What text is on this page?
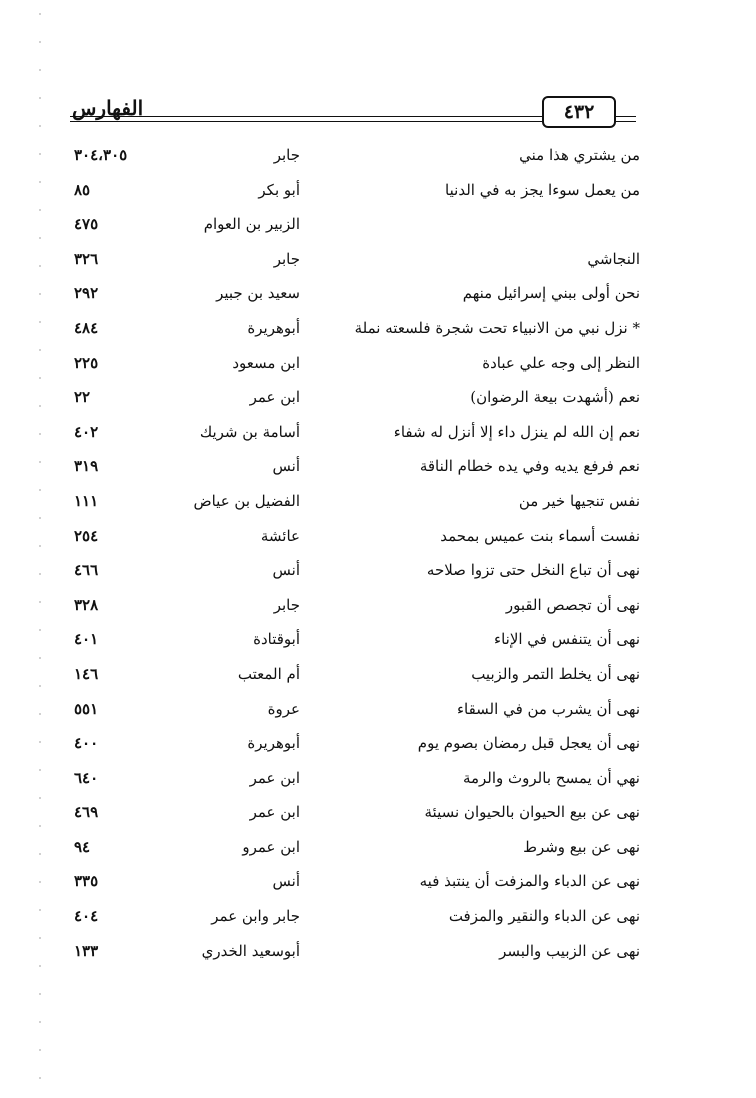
الفهارس	٤٣٢
من يشتري هذا مني
جابر
٣٠٤،٣٠٥
من يعمل سوءا يجز به في الدنيا
أبو بكر
٨٥
الزبير بن العوام
٤٧٥
النجاشي
جابر
٣٢٦
نحن أولى ببني إسرائيل منهم
سعيد بن جبير
٢٩٢
* نزل نبي من الانبياء تحت شجرة فلسعته نملة
أبوهريرة
٤٨٤
النظر إلى وجه علي عبادة
ابن مسعود
٢٢٥
نعم (أشهدت بيعة الرضوان)
ابن عمر
٢٢
نعم إن الله لم ينزل داء إلا أنزل له شفاء
أسامة بن شريك
٤٠٢
نعم فرفع يديه وفي يده خطام الناقة
أنس
٣١٩
نفس تنجيها خير من
الفضيل بن عياض
١١١
نفست أسماء بنت عميس بمحمد
عائشة
٢٥٤
نهى أن تباع النخل حتى تزوا صلاحه
أنس
٤٦٦
نهى أن تجصص القبور
جابر
٣٢٨
نهى أن يتنفس في الإناء
أبوقتادة
٤٠١
نهى أن يخلط التمر والزبيب
أم المعتب
١٤٦
نهى أن يشرب من في السقاء
عروة
٥٥١
نهى أن يعجل قبل رمضان بصوم يوم
أبوهريرة
٤٠٠
نهي أن يمسح بالروث والرمة
ابن عمر
٦٤٠
نهى عن بيع الحيوان بالحيوان نسيئة
ابن عمر
٤٦٩
نهى عن بيع وشرط
ابن عمرو
٩٤
نهى عن الدباء والمزفت أن ينتبذ فيه
أنس
٣٣٥
نهى عن الدباء والنقير والمزفت
جابر وابن عمر
٤٠٤
نهى عن الزبيب والبسر
أبوسعيد الخدري
١٣٣
